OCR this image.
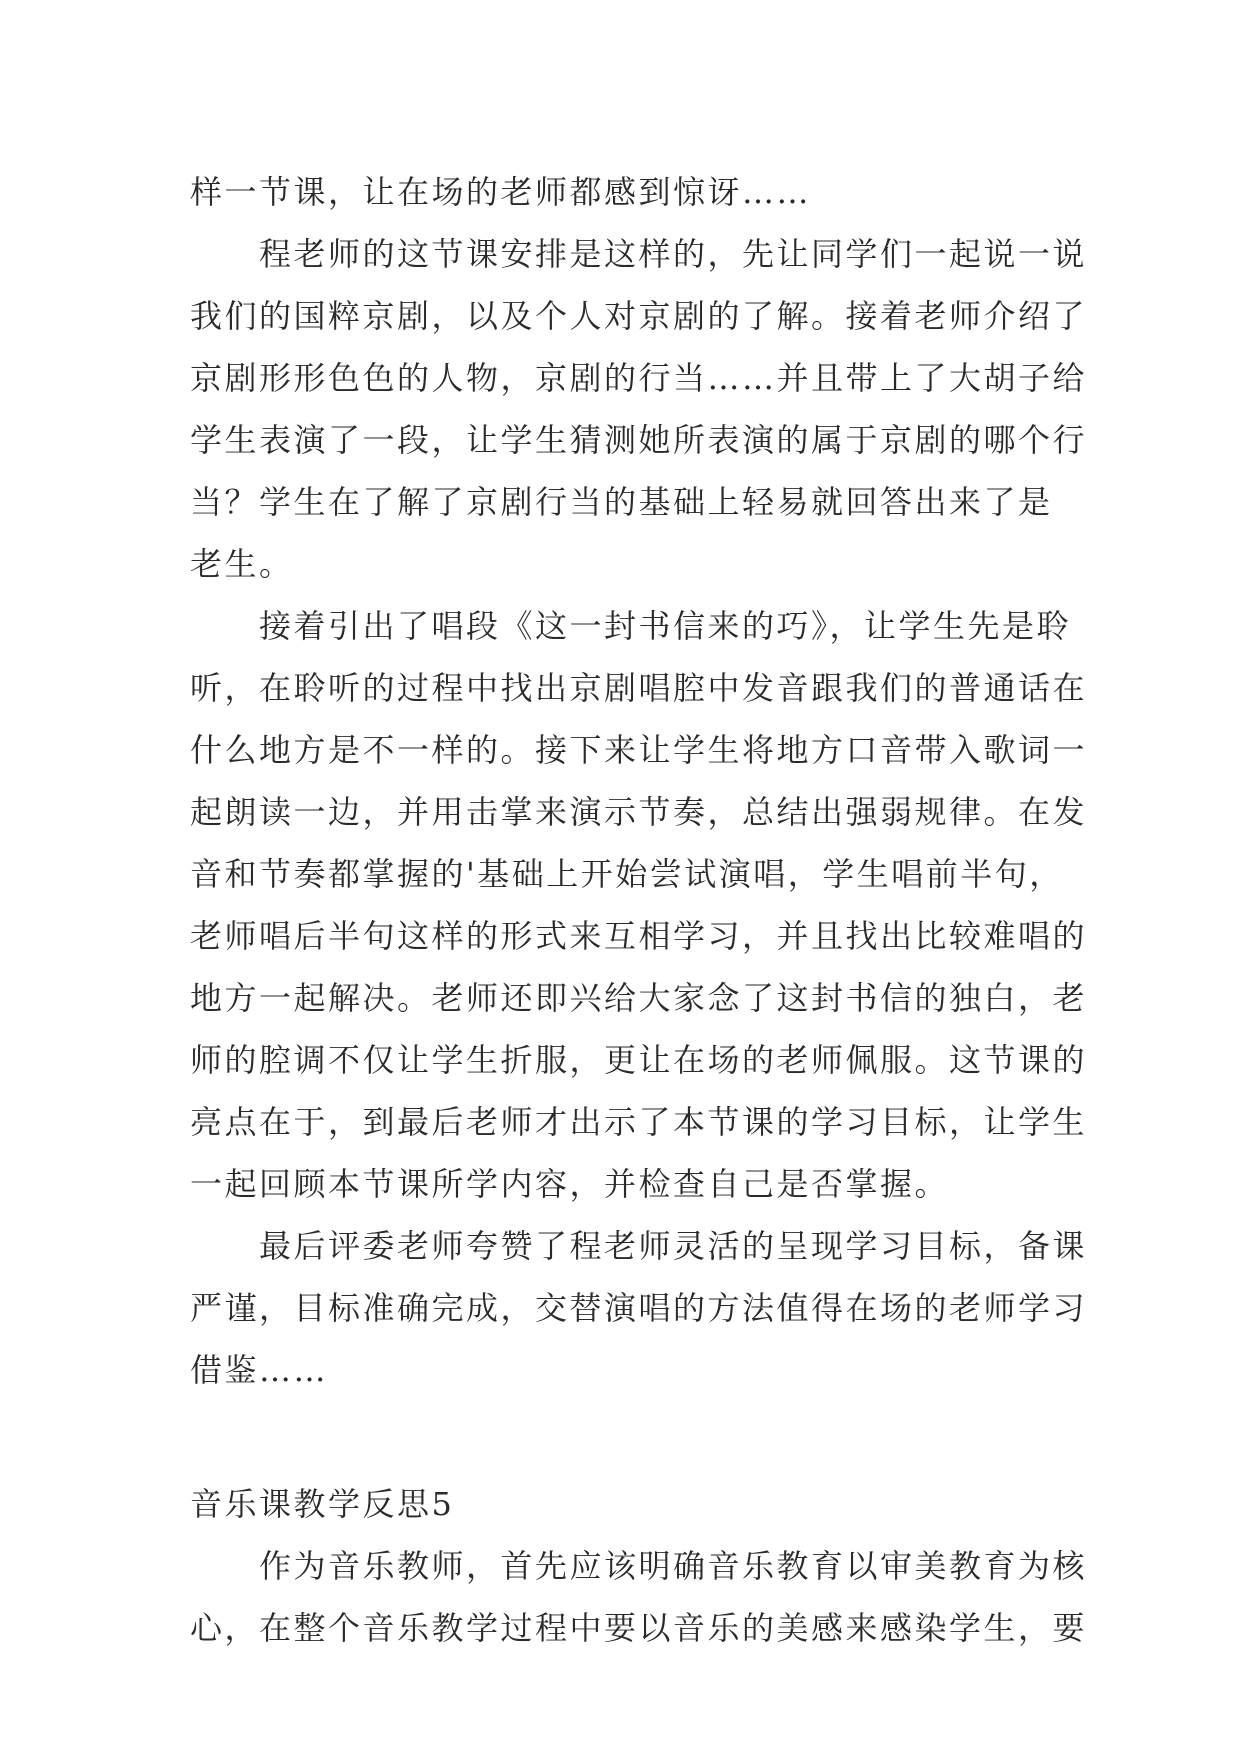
样一节课，让在场的老师都感到惊讶……
　　程老师的这节课安排是这样的，先让同学们一起说一说
我们的国粹京剧，以及个人对京剧的了解。接着老师介绍了
京剧形形色色的人物，京剧的行当……并且带上了大胡子给
学生表演了一段，让学生猜测她所表演的属于京剧的哪个行
当？学生在了解了京剧行当的基础上轻易就回答出来了是
老生。
　　接着引出了唱段《这一封书信来的巧》，让学生先是聆
听，在聆听的过程中找出京剧唱腔中发音跟我们的普通话在
什么地方是不一样的。接下来让学生将地方口音带入歌词一
起朗读一边，并用击掌来演示节奏，总结出强弱规律。在发
音和节奏都掌握的'基础上开始尝试演唱，学生唱前半句，
老师唱后半句这样的形式来互相学习，并且找出比较难唱的
地方一起解决。老师还即兴给大家念了这封书信的独白，老
师的腔调不仅让学生折服，更让在场的老师佩服。这节课的
亮点在于，到最后老师才出示了本节课的学习目标，让学生
一起回顾本节课所学内容，并检查自己是否掌握。
　　最后评委老师夸赞了程老师灵活的呈现学习目标，备课
严谨，目标准确完成，交替演唱的方法值得在场的老师学习
借鉴……
音乐课教学反思5
　　作为音乐教师，首先应该明确音乐教育以审美教育为核
心，在整个音乐教学过程中要以音乐的美感来感染学生，要
